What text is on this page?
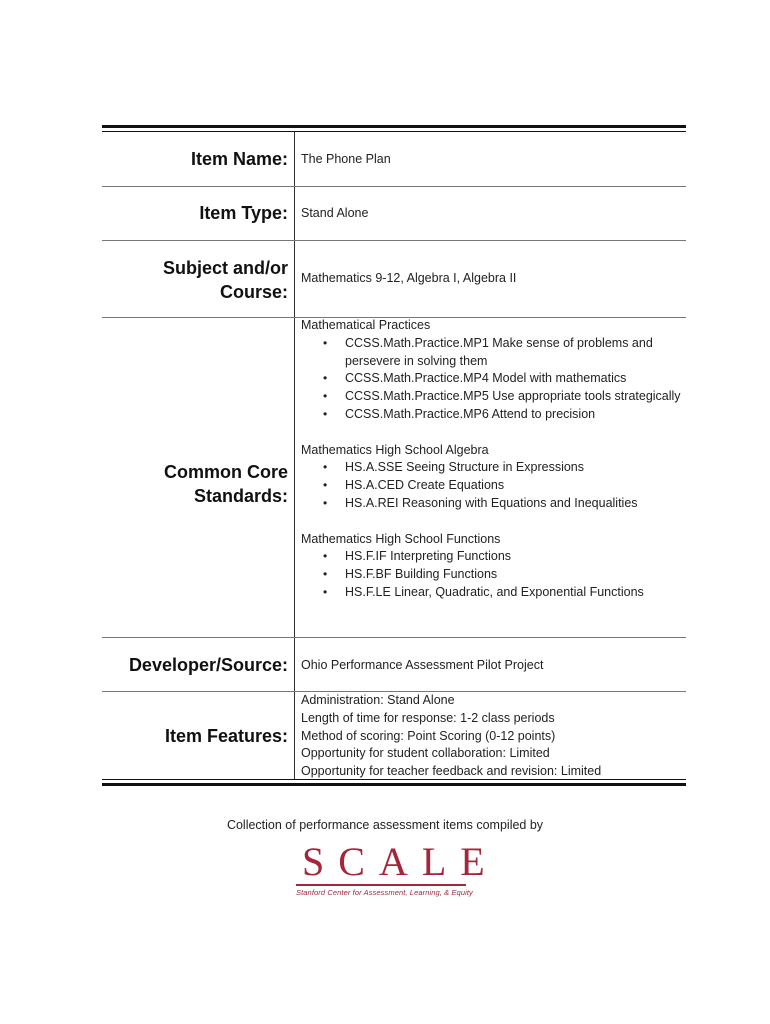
Item Name: The Phone Plan
Item Type: Stand Alone
Subject and/or
Course:
Mathematics 9-12, Algebra I, Algebra II
Common Core
Standards:
Mathematical Practices
• CCSS.Math.Practice.MP1 Make sense of problems and persevere in solving them
• CCSS.Math.Practice.MP4 Model with mathematics
• CCSS.Math.Practice.MP5 Use appropriate tools strategically
• CCSS.Math.Practice.MP6 Attend to precision
Mathematics High School Algebra
• HS.A.SSE Seeing Structure in Expressions
• HS.A.CED Create Equations
• HS.A.REI Reasoning with Equations and Inequalities
Mathematics High School Functions
• HS.F.IF Interpreting Functions
• HS.F.BF Building Functions
• HS.F.LE Linear, Quadratic, and Exponential Functions
Developer/Source: Ohio Performance Assessment Pilot Project
Item Features:
Administration: Stand Alone
Length of time for response: 1-2 class periods
Method of scoring: Point Scoring (0-12 points)
Opportunity for student collaboration: Limited
Opportunity for teacher feedback and revision: Limited
Collection of performance assessment items compiled by
SCALE
Stanford Center for Assessment, Learning, & Equity
